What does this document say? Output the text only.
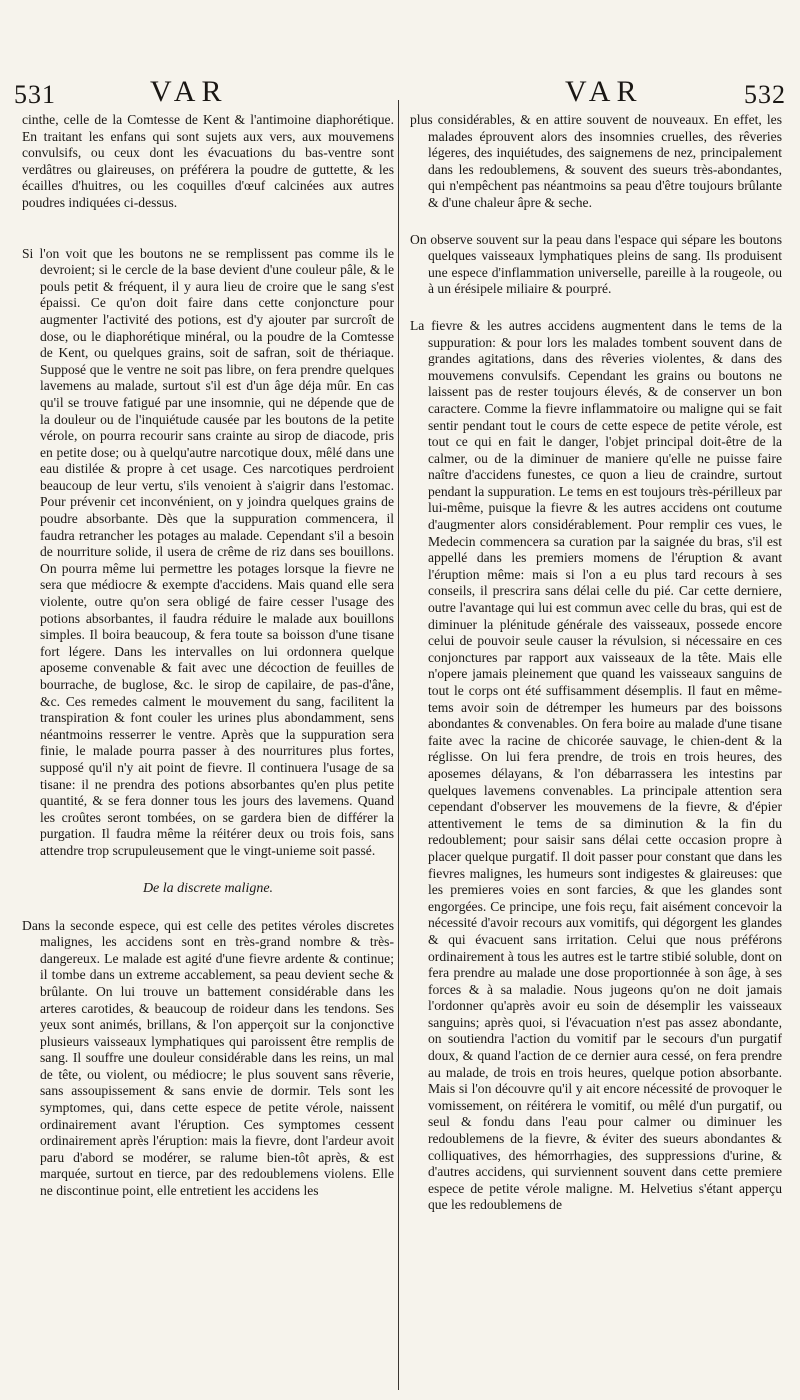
531	VAR	VAR	532

cinthe, celle de la Comtesse de Kent & l'antimoine diaphorétique. En traitant les enfans qui sont sujets aux vers, aux mouvemens convulsifs, ou ceux dont les évacuations du bas-ventre sont verdâtres ou glaireuses, on préférera la poudre de guttette, & les écailles d'huitres, ou les coquilles d'œuf calcinées aux autres poudres indiquées ci-dessus.

Si l'on voit que les boutons ne se remplissent pas comme ils le devroient; si le cercle de la base devient d'une couleur pâle, & le pouls petit & fréquent, il y aura lieu de croire que le sang s'est épaissi. Ce qu'on doit faire dans cette conjoncture pour augmenter l'activité des potions, est d'y ajouter par surcroît de dose, ou le diaphorétique minéral, ou la poudre de la Comtesse de Kent, ou quelques grains, soit de safran, soit de thériaque. Supposé que le ventre ne soit pas libre, on fera prendre quelques lavemens au malade, surtout s'il est d'un âge déja mûr. En cas qu'il se trouve fatigué par une insomnie, qui ne dépende que de la douleur ou de l'inquiétude causée par les boutons de la petite vérole, on pourra recourir sans crainte au sirop de diacode, pris en petite dose; ou à quelqu'autre narcotique doux, mêlé dans une eau distilée & propre à cet usage. Ces narcotiques perdroient beaucoup de leur vertu, s'ils venoient à s'aigrir dans l'estomac. Pour prévenir cet inconvénient, on y joindra quelques grains de poudre absorbante. Dès que la suppuration commencera, il faudra retrancher les potages au malade. Cependant s'il a besoin de nourriture solide, il usera de crême de riz dans ses bouillons. On pourra même lui permettre les potages lorsque la fievre ne sera que médiocre & exempte d'accidens. Mais quand elle sera violente, outre qu'on sera obligé de faire cesser l'usage des potions absorbantes, il faudra réduire le malade aux bouillons simples. Il boira beaucoup, & fera toute sa boisson d'une tisane fort légere. Dans les intervalles on lui ordonnera quelque aposeme convenable & fait avec une décoction de feuilles de bourrache, de buglose, &c. le sirop de capilaire, de pas-d'âne, &c. Ces remedes calment le mouvement du sang, facilitent la transpiration & font couler les urines plus abondamment, sens néantmoins resserrer le ventre. Après que la suppuration sera finie, le malade pourra passer à des nourritures plus fortes, supposé qu'il n'y ait point de fievre. Il continuera l'usage de sa tisane: il ne prendra des potions absorbantes qu'en plus petite quantité, & se fera donner tous les jours des lavemens. Quand les croûtes seront tombées, on se gardera bien de différer la purgation. Il faudra même la réitérer deux ou trois fois, sans attendre trop scrupuleusement que le vingt-unieme soit passé.

De la discrete maligne.

Dans la seconde espece, qui est celle des petites véroles discretes malignes, les accidens sont en très-grand nombre & très-dangereux. Le malade est agité d'une fievre ardente & continue; il tombe dans un extreme accablement, sa peau devient seche & brûlante. On lui trouve un battement considérable dans les arteres carotides, & beaucoup de roideur dans les tendons. Ses yeux sont animés, brillans, & l'on apperçoit sur la conjonctive plusieurs vaisseaux lymphatiques qui paroissent être remplis de sang. Il souffre une douleur considérable dans les reins, un mal de tête, ou violent, ou médiocre; le plus souvent sans rêverie, sans assoupissement & sans envie de dormir. Tels sont les symptomes, qui, dans cette espece de petite vérole, naissent ordinairement avant l'éruption. Ces symptomes cessent ordinairement après l'éruption: mais la fievre, dont l'ardeur avoit paru d'abord se modérer, se ralume bien-tôt après, & est marquée, surtout en tierce, par des redoublemens violens. Elle ne discontinue point, elle entretient les accidens les

plus considérables, & en attire souvent de nouveaux. En effet, les malades éprouvent alors des insomnies cruelles, des rêveries légeres, des inquiétudes, des saignemens de nez, principalement dans les redoublemens, & souvent des sueurs très-abondantes, qui n'empêchent pas néantmoins sa peau d'être toujours brûlante & d'une chaleur âpre & seche.

On observe souvent sur la peau dans l'espace qui sépare les boutons quelques vaisseaux lymphatiques pleins de sang. Ils produisent une espece d'inflammation universelle, pareille à la rougeole, ou à un érésipele miliaire & pourpré.

La fievre & les autres accidens augmentent dans le tems de la suppuration: & pour lors les malades tombent souvent dans de grandes agitations, dans des rêveries violentes, & dans des mouvemens convulsifs. Cependant les grains ou boutons ne laissent pas de rester toujours élevés, & de conserver un bon caractere. Comme la fievre inflammatoire ou maligne qui se fait sentir pendant tout le cours de cette espece de petite vérole, est tout ce qui en fait le danger, l'objet principal doit-être de la calmer, ou de la diminuer de maniere qu'elle ne puisse faire naître d'accidens funestes, ce quon a lieu de craindre, surtout pendant la suppuration. Le tems en est toujours très-périlleux par lui-même, puisque la fievre & les autres accidens ont coutume d'augmenter alors considérablement. Pour remplir ces vues, le Medecin commencera sa curation par la saignée du bras, s'il est appellé dans les premiers momens de l'éruption & avant l'éruption même: mais si l'on a eu plus tard recours à ses conseils, il prescrira sans délai celle du pié. Car cette derniere, outre l'avantage qui lui est commun avec celle du bras, qui est de diminuer la plénitude générale des vaisseaux, possede encore celui de pouvoir seule causer la révulsion, si nécessaire en ces conjonctures par rapport aux vaisseaux de la tête. Mais elle n'opere jamais pleinement que quand les vaisseaux sanguins de tout le corps ont été suffisamment désemplis. Il faut en même-tems avoir soin de détremper les humeurs par des boissons abondantes & convenables. On fera boire au malade d'une tisane faite avec la racine de chicorée sauvage, le chien-dent & la réglisse. On lui fera prendre, de trois en trois heures, des aposemes délayans, & l'on débarrassera les intestins par quelques lavemens convenables. La principale attention sera cependant d'observer les mouvemens de la fievre, & d'épier attentivement le tems de sa diminution & la fin du redoublement; pour saisir sans délai cette occasion propre à placer quelque purgatif. Il doit passer pour constant que dans les fievres malignes, les humeurs sont indigestes & glaireuses: que les premieres voies en sont farcies, & que les glandes sont engorgées. Ce principe, une fois reçu, fait aisément concevoir la nécessité d'avoir recours aux vomitifs, qui dégorgent les glandes & qui évacuent sans irritation. Celui que nous préférons ordinairement à tous les autres est le tartre stibié soluble, dont on fera prendre au malade une dose proportionnée à son âge, à ses forces & à sa maladie. Nous jugeons qu'on ne doit jamais l'ordonner qu'après avoir eu soin de désemplir les vaisseaux sanguins; après quoi, si l'évacuation n'est pas assez abondante, on soutiendra l'action du vomitif par le secours d'un purgatif doux, & quand l'action de ce dernier aura cessé, on fera prendre au malade, de trois en trois heures, quelque potion absorbante. Mais si l'on découvre qu'il y ait encore nécessité de provoquer le vomissement, on réitérera le vomitif, ou mêlé d'un purgatif, ou seul & fondu dans l'eau pour calmer ou diminuer les redoublemens de la fievre, & éviter des sueurs abondantes & colliquatives, des hémorrhagies, des suppressions d'urine, & d'autres accidens, qui surviennent souvent dans cette premiere espece de petite vérole maligne. M. Helvetius s'étant apperçu que les redoublemens de
